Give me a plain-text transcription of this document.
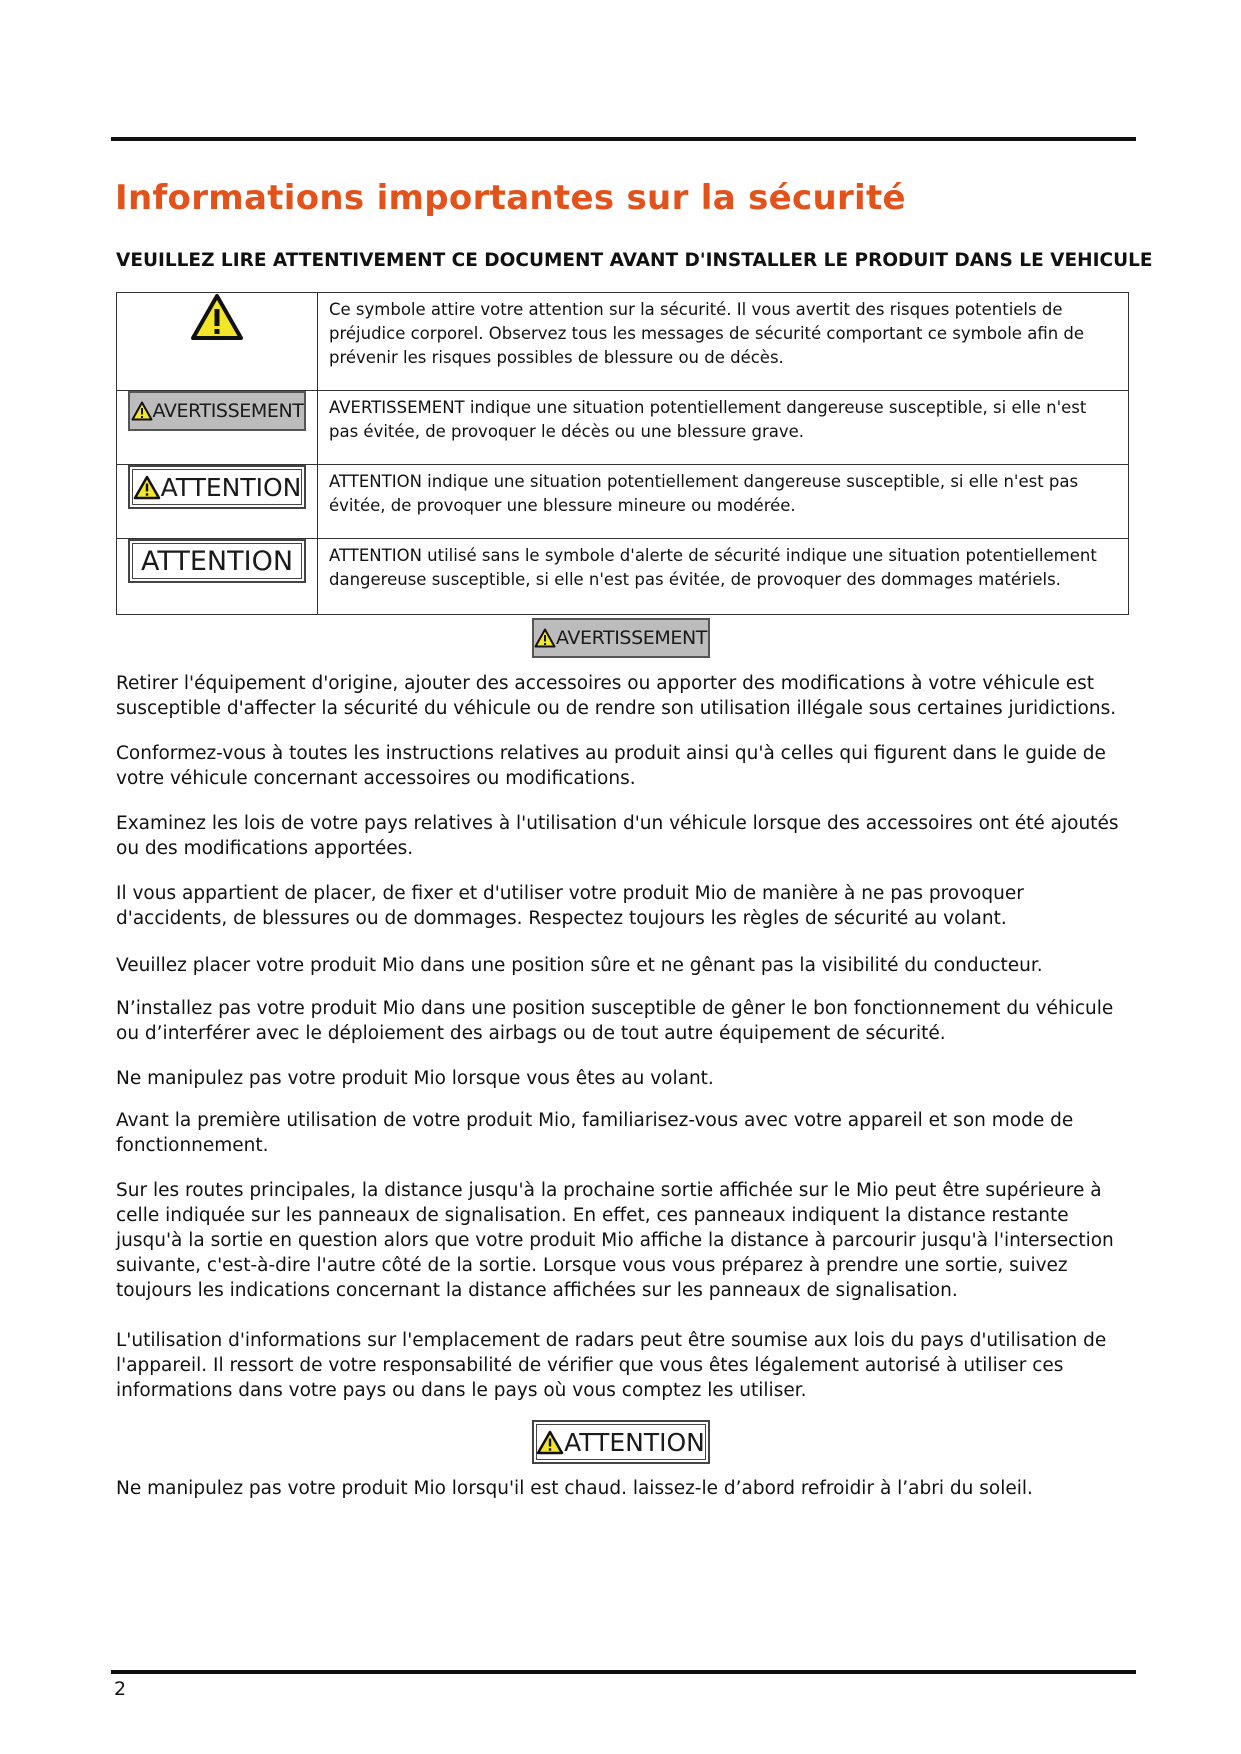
Informations importantes sur la sécurité
VEUILLEZ LIRE ATTENTIVEMENT CE DOCUMENT AVANT D'INSTALLER LE PRODUIT DANS LE VEHICULE
	Ce symbole attire votre attention sur la sécurité. Il vous avertit des risques potentiels de préjudice corporel. Observez tous les messages de sécurité comportant ce symbole afin de prévenir les risques possibles de blessure ou de décès.

AVERTISSEMENT	AVERTISSEMENT indique une situation potentiellement dangereuse susceptible, si elle n'est pas évitée, de provoquer le décès ou une blessure grave.

ATTENTION	ATTENTION indique une situation potentiellement dangereuse susceptible, si elle n'est pas évitée, de provoquer une blessure mineure ou modérée.

ATTENTION	ATTENTION utilisé sans le symbole d'alerte de sécurité indique une situation potentiellement dangereuse susceptible, si elle n'est pas évitée, de provoquer des dommages matériels.
AVERTISSEMENT

Retirer l'équipement d'origine, ajouter des accessoires ou apporter des modifications à votre véhicule est susceptible d'affecter la sécurité du véhicule ou de rendre son utilisation illégale sous certaines juridictions.

Conformez-vous à toutes les instructions relatives au produit ainsi qu'à celles qui figurent dans le guide de votre véhicule concernant accessoires ou modifications.

Examinez les lois de votre pays relatives à l'utilisation d'un véhicule lorsque des accessoires ont été ajoutés ou des modifications apportées.

Il vous appartient de placer, de fixer et d'utiliser votre produit Mio de manière à ne pas provoquer d'accidents, de blessures ou de dommages. Respectez toujours les règles de sécurité au volant.

Veuillez placer votre produit Mio dans une position sûre et ne gênant pas la visibilité du conducteur.

N’installez pas votre produit Mio dans une position susceptible de gêner le bon fonctionnement du véhicule ou d’interférer avec le déploiement des airbags ou de tout autre équipement de sécurité.

Ne manipulez pas votre produit Mio lorsque vous êtes au volant.

Avant la première utilisation de votre produit Mio, familiarisez-vous avec votre appareil et son mode de fonctionnement.

Sur les routes principales, la distance jusqu'à la prochaine sortie affichée sur le Mio peut être supérieure à celle indiquée sur les panneaux de signalisation. En effet, ces panneaux indiquent la distance restante jusqu'à la sortie en question alors que votre produit Mio affiche la distance à parcourir jusqu'à l'intersection suivante, c'est-à-dire l'autre côté de la sortie. Lorsque vous vous préparez à prendre une sortie, suivez toujours les indications concernant la distance affichées sur les panneaux de signalisation.

L'utilisation d'informations sur l'emplacement de radars peut être soumise aux lois du pays d'utilisation de l'appareil. Il ressort de votre responsabilité de vérifier que vous êtes légalement autorisé à utiliser ces informations dans votre pays ou dans le pays où vous comptez les utiliser.

ATTENTION

Ne manipulez pas votre produit Mio lorsqu'il est chaud. laissez-le d’abord refroidir à l’abri du soleil.

2
